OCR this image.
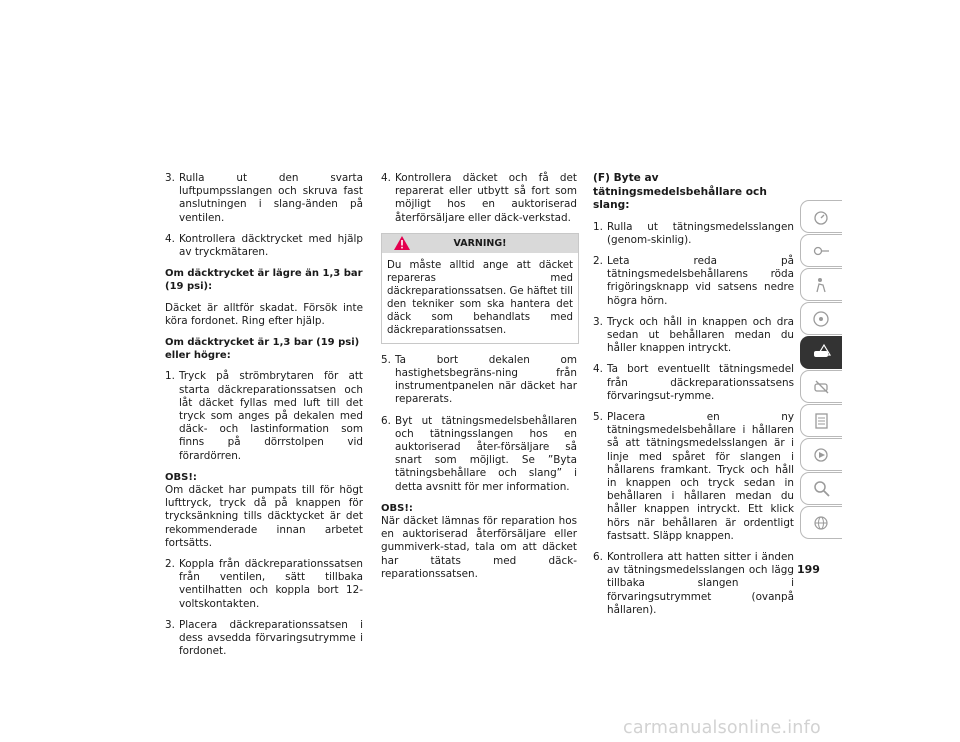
3. Rulla ut den svarta luftpumpsslangen och skruva fast anslutningen i slang-änden på ventilen.
4. Kontrollera däcktrycket med hjälp av tryckmätaren.
Om däcktrycket är lägre än 1,3 bar (19 psi):
Däcket är alltför skadat. Försök inte köra fordonet. Ring efter hjälp.
Om däcktrycket är 1,3 bar (19 psi) eller högre:
1. Tryck på strömbrytaren för att starta däckreparationssatsen och låt däcket fyllas med luft till det tryck som anges på dekalen med däck- och lastinformation som finns på dörrstolpen vid förardörren.
OBS!:
Om däcket har pumpats till för högt lufttryck, tryck då på knappen för trycksänkning tills däcktycket är det rekommenderade innan arbetet fortsätts.
2. Koppla från däckreparationssatsen från ventilen, sätt tillbaka ventilhatten och koppla bort 12-voltskontakten.
3. Placera däckreparationssatsen i dess avsedda förvaringsutrymme i fordonet.
4. Kontrollera däcket och få det reparerat eller utbytt så fort som möjligt hos en auktoriserad återförsäljare eller däck-verkstad.
VARNING!
Du måste alltid ange att däcket repareras med däckreparationssatsen. Ge häftet till den tekniker som ska hantera det däck som behandlats med däckreparationssatsen.
5. Ta bort dekalen om hastighetsbegräns-ning från instrumentpanelen när däcket har reparerats.
6. Byt ut tätningsmedelsbehållaren och tätningsslangen hos en auktoriserad åter-försäljare så snart som möjligt. Se ”Byta tätningsbehållare och slang” i detta avsnitt för mer information.
OBS!:
När däcket lämnas för reparation hos en auktoriserad återförsäljare eller gummiverk-stad, tala om att däcket har tätats med däck-reparationssatsen.
(F) Byte av tätningsmedelsbehållare och slang:
1. Rulla ut tätningsmedelsslangen (genom-skinlig).
2. Leta reda på tätningsmedelsbehållarens röda frigöringsknapp vid satsens nedre högra hörn.
3. Tryck och håll in knappen och dra sedan ut behållaren medan du håller knappen intryckt.
4. Ta bort eventuellt tätningsmedel från däckreparationssatsens förvaringsut-rymme.
5. Placera en ny tätningsmedelsbehållare i hållaren så att tätningsmedelsslangen är i linje med spåret för slangen i hållarens framkant. Tryck och håll in knappen och tryck sedan in behållaren i hållaren medan du håller knappen intryckt. Ett klick hörs när behållaren är ordentligt fastsatt. Släpp knappen.
6. Kontrollera att hatten sitter i änden av tätningsmedelsslangen och lägg tillbaka slangen i förvaringsutrymmet (ovanpå hållaren).
199
carmanualsonline.info
